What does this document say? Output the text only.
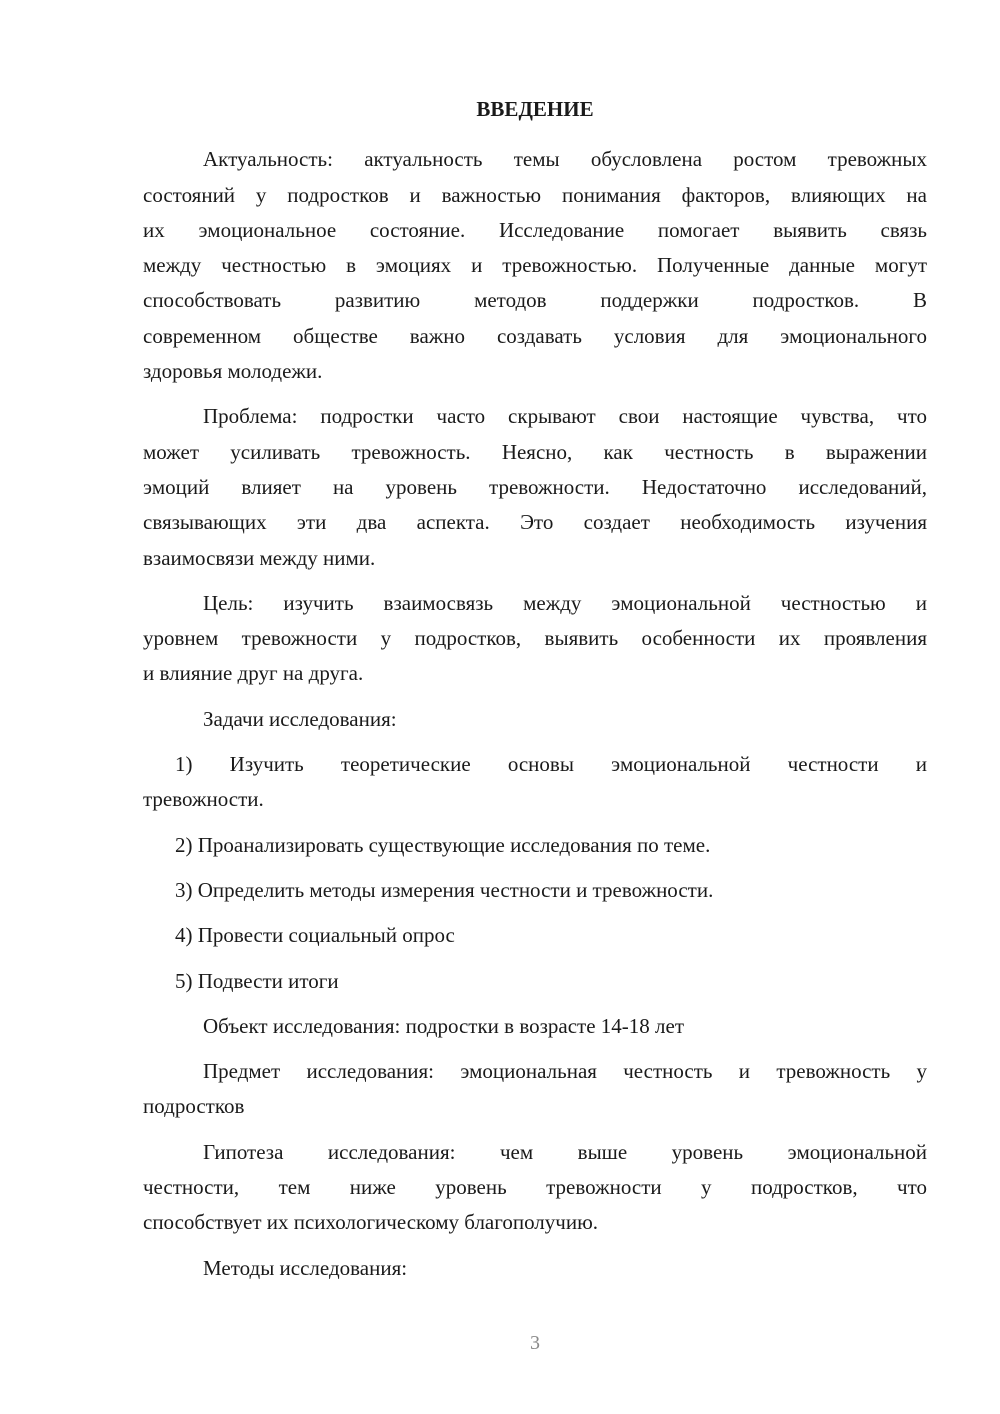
ВВЕДЕНИЕ
Актуальность: актуальность темы обусловлена ростом тревожных
состояний у подростков и важностью понимания факторов, влияющих на
их эмоциональное состояние. Исследование помогает выявить связь
между честностью в эмоциях и тревожностью. Полученные данные могут
способствовать развитию методов поддержки подростков. В
современном обществе важно создавать условия для эмоционального
здоровья молодежи.
Проблема: подростки часто скрывают свои настоящие чувства, что
может усиливать тревожность. Неясно, как честность в выражении
эмоций влияет на уровень тревожности. Недостаточно исследований,
связывающих эти два аспекта. Это создает необходимость изучения
взаимосвязи между ними.
Цель: изучить взаимосвязь между эмоциональной честностью и
уровнем тревожности у подростков, выявить особенности их проявления
и влияние друг на друга.
Задачи исследования:
1) Изучить теоретические основы эмоциональной честности и
тревожности.
2) Проанализировать существующие исследования по теме.
3) Определить методы измерения честности и тревожности.
4) Провести социальный опрос
5) Подвести итоги
Объект исследования: подростки в возрасте 14-18 лет
Предмет исследования: эмоциональная честность и тревожность у
подростков
Гипотеза исследования: чем выше уровень эмоциональной
честности, тем ниже уровень тревожности у подростков, что
способствует их психологическому благополучию.
Методы исследования:
3
